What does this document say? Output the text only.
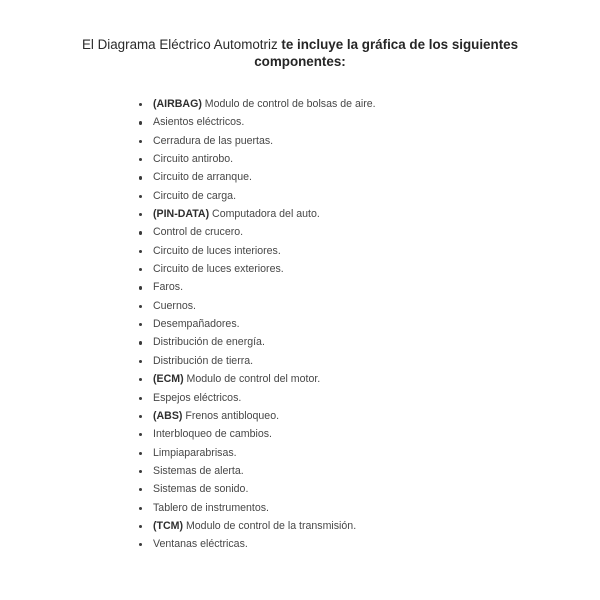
El Diagrama Eléctrico Automotriz te incluye la gráfica de los siguientes
componentes:
(AIRBAG) Modulo de control de bolsas de aire.
Asientos eléctricos.
Cerradura de las puertas.
Circuito antirobo.
Circuito de arranque.
Circuito de carga.
(PIN-DATA) Computadora del auto.
Control de crucero.
Circuito de luces interiores.
Circuito de luces exteriores.
Faros.
Cuernos.
Desempañadores.
Distribución de energía.
Distribución de tierra.
(ECM) Modulo de control del motor.
Espejos eléctricos.
(ABS) Frenos antibloqueo.
Interbloqueo de cambios.
Limpiaparabrisas.
Sistemas de alerta.
Sistemas de sonido.
Tablero de instrumentos.
(TCM) Modulo de control de la transmisión.
Ventanas eléctricas.
